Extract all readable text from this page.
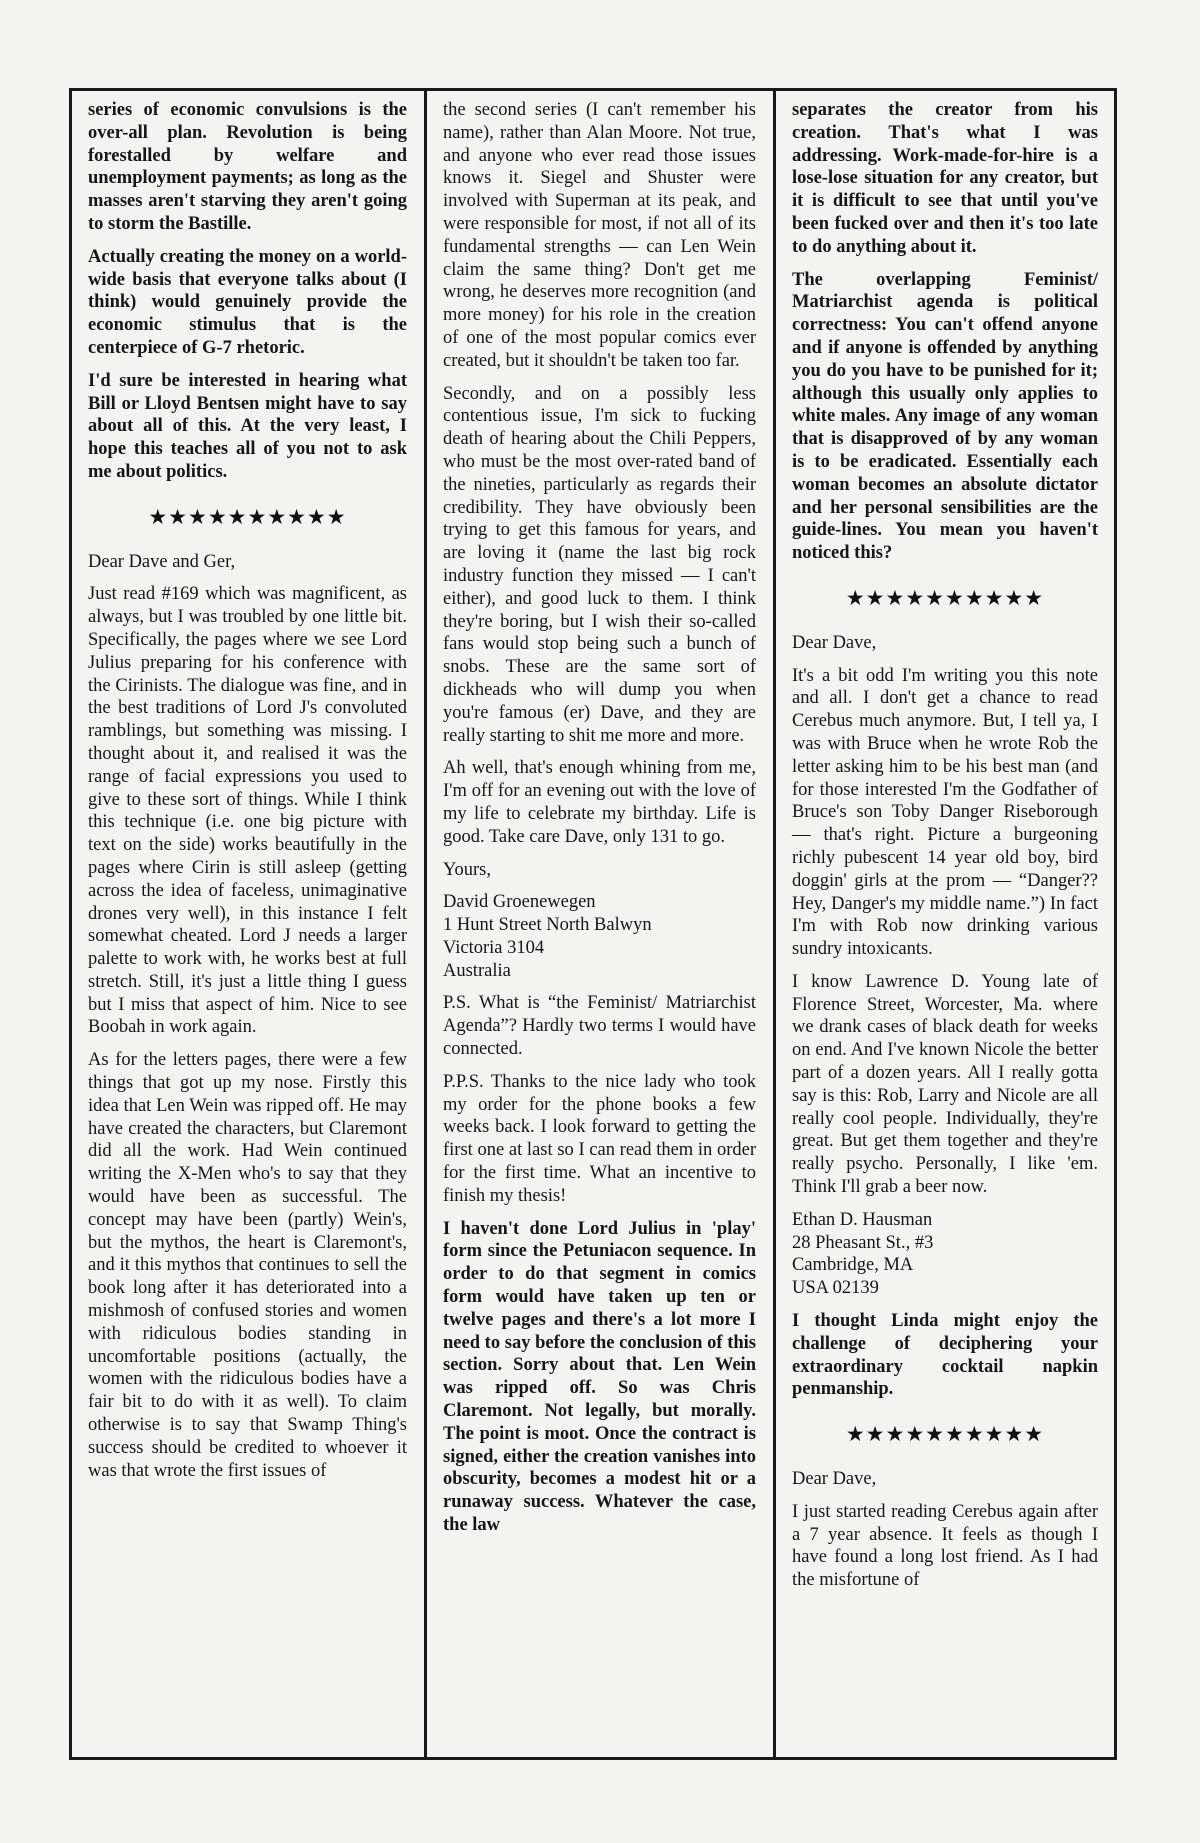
series of economic convulsions is the over-all plan. Revolution is being forestalled by welfare and unemployment payments; as long as the masses aren't starving they aren't going to storm the Bastille.

Actually creating the money on a world-wide basis that everyone talks about (I think) would genuinely provide the economic stimulus that is the centerpiece of G-7 rhetoric.

I'd sure be interested in hearing what Bill or Lloyd Bentsen might have to say about all of this. At the very least, I hope this teaches all of you not to ask me about politics.

★★★★★★★★★★

Dear Dave and Ger,

Just read #169 which was magnificent, as always, but I was troubled by one little bit. Specifically, the pages where we see Lord Julius preparing for his conference with the Cirinists. The dialogue was fine, and in the best traditions of Lord J's convoluted ramblings, but something was missing. I thought about it, and realised it was the range of facial expressions you used to give to these sort of things. While I think this technique (i.e. one big picture with text on the side) works beautifully in the pages where Cirin is still asleep (getting across the idea of faceless, unimaginative drones very well), in this instance I felt somewhat cheated. Lord J needs a larger palette to work with, he works best at full stretch. Still, it's just a little thing I guess but I miss that aspect of him. Nice to see Boobah in work again.

As for the letters pages, there were a few things that got up my nose. Firstly this idea that Len Wein was ripped off. He may have created the characters, but Claremont did all the work. Had Wein continued writing the X-Men who's to say that they would have been as successful. The concept may have been (partly) Wein's, but the mythos, the heart is Claremont's, and it this mythos that continues to sell the book long after it has deteriorated into a mishmosh of confused stories and women with ridiculous bodies standing in uncomfortable positions (actually, the women with the ridiculous bodies have a fair bit to do with it as well). To claim otherwise is to say that Swamp Thing's success should be credited to whoever it was that wrote the first issues of

the second series (I can't remember his name), rather than Alan Moore. Not true, and anyone who ever read those issues knows it. Siegel and Shuster were involved with Superman at its peak, and were responsible for most, if not all of its fundamental strengths — can Len Wein claim the same thing? Don't get me wrong, he deserves more recognition (and more money) for his role in the creation of one of the most popular comics ever created, but it shouldn't be taken too far.

Secondly, and on a possibly less contentious issue, I'm sick to fucking death of hearing about the Chili Peppers, who must be the most over-rated band of the nineties, particularly as regards their credibility. They have obviously been trying to get this famous for years, and are loving it (name the last big rock industry function they missed — I can't either), and good luck to them. I think they're boring, but I wish their so-called fans would stop being such a bunch of snobs. These are the same sort of dickheads who will dump you when you're famous (er) Dave, and they are really starting to shit me more and more.

Ah well, that's enough whining from me, I'm off for an evening out with the love of my life to celebrate my birthday. Life is good. Take care Dave, only 131 to go.

Yours,

David Groenewegen
1 Hunt Street North Balwyn
Victoria 3104
Australia

P.S. What is “the Feminist/ Matriarchist Agenda”? Hardly two terms I would have connected.

P.P.S. Thanks to the nice lady who took my order for the phone books a few weeks back. I look forward to getting the first one at last so I can read them in order for the first time. What an incentive to finish my thesis!

I haven't done Lord Julius in 'play' form since the Petuniacon sequence. In order to do that segment in comics form would have taken up ten or twelve pages and there's a lot more I need to say before the conclusion of this section. Sorry about that. Len Wein was ripped off. So was Chris Claremont. Not legally, but morally. The point is moot. Once the contract is signed, either the creation vanishes into obscurity, becomes a modest hit or a runaway success. Whatever the case, the law

separates the creator from his creation. That's what I was addressing. Work-made-for-hire is a lose-lose situation for any creator, but it is difficult to see that until you've been fucked over and then it's too late to do anything about it.

The overlapping Feminist/ Matriarchist agenda is political correctness: You can't offend anyone and if anyone is offended by anything you do you have to be punished for it; although this usually only applies to white males. Any image of any woman that is disapproved of by any woman is to be eradicated. Essentially each woman becomes an absolute dictator and her personal sensibilities are the guide-lines. You mean you haven't noticed this?

★★★★★★★★★★

Dear Dave,

It's a bit odd I'm writing you this note and all. I don't get a chance to read Cerebus much anymore. But, I tell ya, I was with Bruce when he wrote Rob the letter asking him to be his best man (and for those interested I'm the Godfather of Bruce's son Toby Danger Riseborough — that's right. Picture a burgeoning richly pubescent 14 year old boy, bird doggin' girls at the prom — “Danger?? Hey, Danger's my middle name.”) In fact I'm with Rob now drinking various sundry intoxicants.

I know Lawrence D. Young late of Florence Street, Worcester, Ma. where we drank cases of black death for weeks on end. And I've known Nicole the better part of a dozen years. All I really gotta say is this: Rob, Larry and Nicole are all really cool people. Individually, they're great. But get them together and they're really psycho. Personally, I like 'em. Think I'll grab a beer now.

Ethan D. Hausman
28 Pheasant St., #3
Cambridge, MA
USA 02139

I thought Linda might enjoy the challenge of deciphering your extraordinary cocktail napkin penmanship.

★★★★★★★★★★

Dear Dave,

I just started reading Cerebus again after a 7 year absence. It feels as though I have found a long lost friend. As I had the misfortune of
